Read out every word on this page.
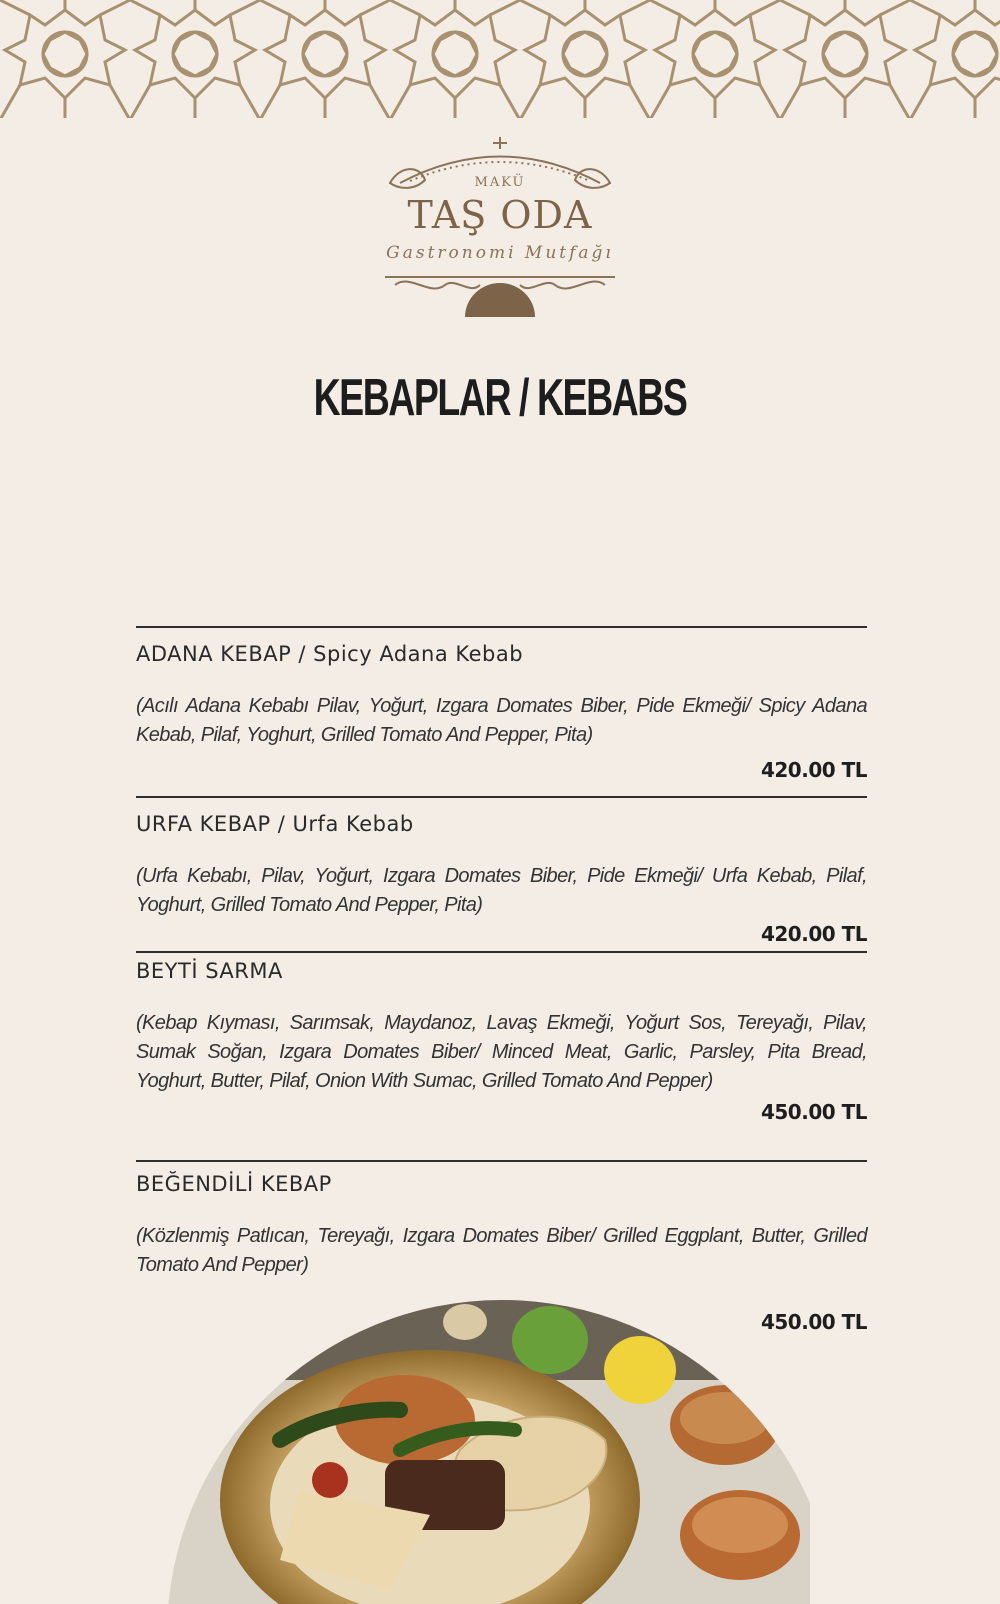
MAKÜ
TAŞ ODA
Gastronomi Mutfağı
KEBAPLAR / KEBABS
ADANA KEBAP / Spicy Adana Kebab
(Acılı Adana Kebabı Pilav, Yoğurt, Izgara Domates Biber, Pide Ekmeği/ Spicy Adana Kebab, Pilaf, Yoghurt, Grilled Tomato And Pepper, Pita)
420.00 TL
URFA KEBAP / Urfa Kebab
(Urfa Kebabı, Pilav, Yoğurt, Izgara Domates Biber, Pide Ekmeği/ Urfa Kebab, Pilaf, Yoghurt, Grilled Tomato And Pepper, Pita)
420.00 TL
BEYTİ SARMA
(Kebap Kıyması, Sarımsak, Maydanoz, Lavaş Ekmeği, Yoğurt Sos, Tereyağı, Pilav, Sumak Soğan, Izgara Domates Biber/ Minced Meat, Garlic, Parsley, Pita Bread, Yoghurt, Butter, Pilaf, Onion With Sumac, Grilled Tomato And Pepper)
450.00 TL
BEĞENDİLİ KEBAP
(Közlenmiş Patlıcan, Tereyağı, Izgara Domates Biber/ Grilled Eggplant, Butter, Grilled Tomato And Pepper)
450.00 TL
